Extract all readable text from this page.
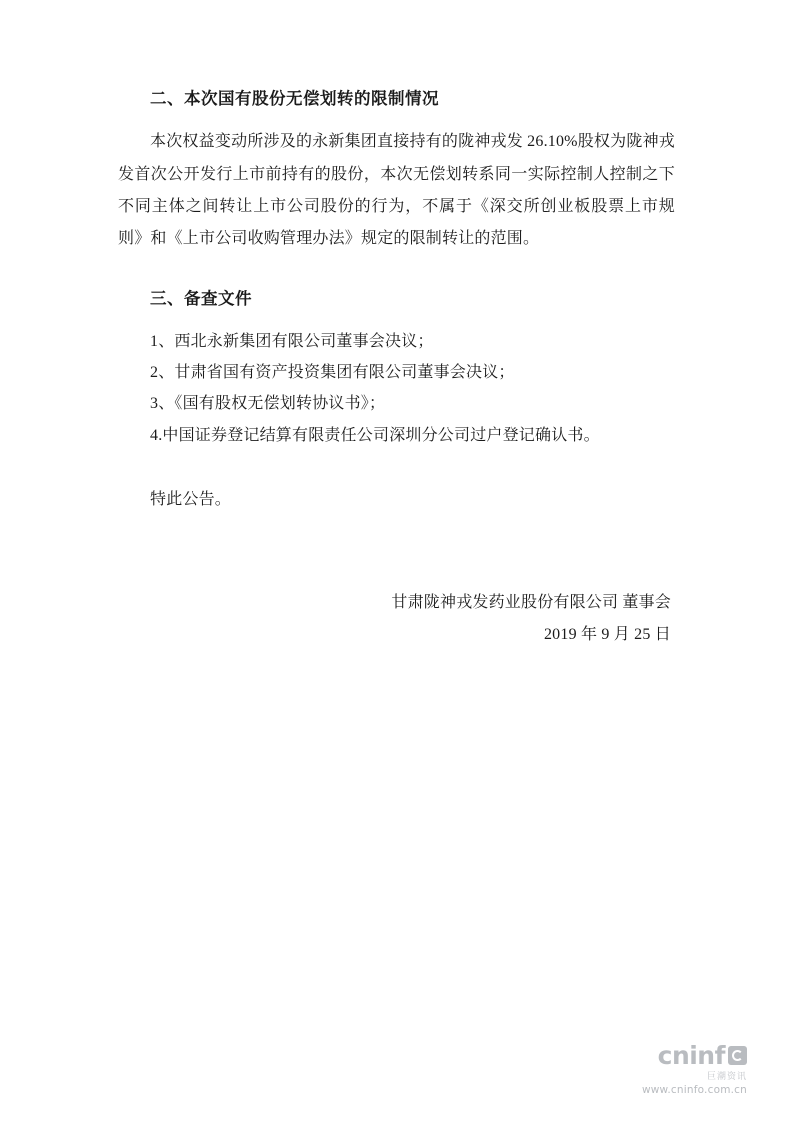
二、本次国有股份无偿划转的限制情况

本次权益变动所涉及的永新集团直接持有的陇神戎发 26.10%股权为陇神戎发首次公开发行上市前持有的股份，本次无偿划转系同一实际控制人控制之下不同主体之间转让上市公司股份的行为，不属于《深交所创业板股票上市规则》和《上市公司收购管理办法》规定的限制转让的范围。

三、备查文件

1、西北永新集团有限公司董事会决议；

2、甘肃省国有资产投资集团有限公司董事会决议；

3、《国有股权无偿划转协议书》；

4.中国证券登记结算有限责任公司深圳分公司过户登记确认书。

特此公告。

甘肃陇神戎发药业股份有限公司 董事会
2019 年 9 月 25 日
cninf
巨潮资讯
www.cninfo.com.cn
